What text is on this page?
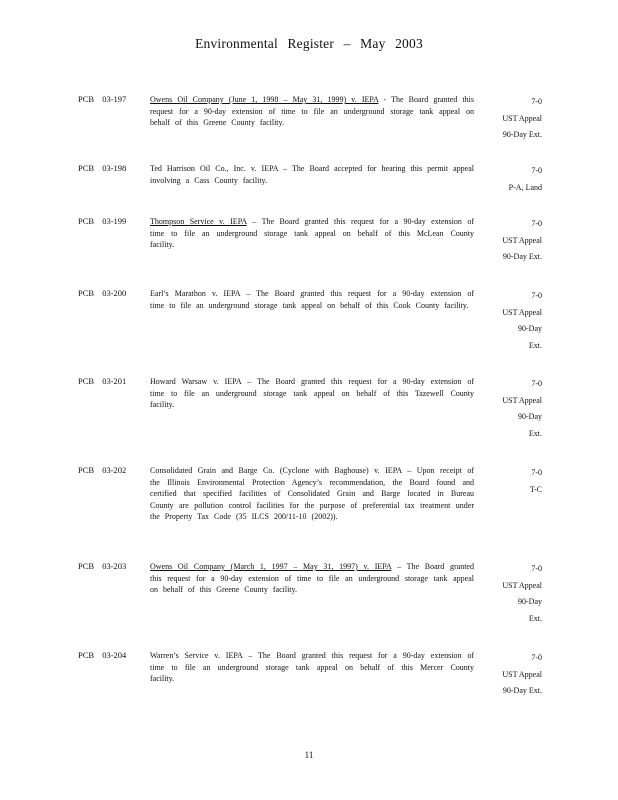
Environmental Register – May 2003
PCB 03-197	Owens Oil Company (June 1, 1998 – May 31, 1999) v. IEPA - The Board granted this request for a 90-day extension of time to file an underground storage tank appeal on behalf of this Greene County facility.
7-0
UST Appeal
90-Day Ext.
PCB 03-198	Ted Harrison Oil Co., Inc. v. IEPA – The Board accepted for hearing this permit appeal involving a Cass County facility.
7-0
P-A, Land
PCB 03-199	Thompson Service v. IEPA – The Board granted this request for a 90-day extension of time to file an underground storage tank appeal on behalf of this McLean County facility.
7-0
UST Appeal
90-Day Ext.
PCB 03-200	Earl’s Marathon v. IEPA – The Board granted this request for a 90-day extension of time to file an underground storage tank appeal on behalf of this Cook County facility.
7-0
UST Appeal
90-Day
Ext.
PCB 03-201	Howard Warsaw v. IEPA – The Board granted this request for a 90-day extension of time to file an underground storage tank appeal on behalf of this Tazewell County facility.
7-0
UST Appeal
90-Day
Ext.
PCB 03-202	Consolidated Grain and Barge Co. (Cyclone with Baghouse) v. IEPA – Upon receipt of the Illinois Environmental Protection Agency’s recommendation, the Board found and certified that specified facilities of Consolidated Grain and Barge located in Bureau County are pollution control facilities for the purpose of preferential tax treatment under the Property Tax Code (35 ILCS 200/11-10 (2002)).
7-0
T-C
PCB 03-203	Owens Oil Company (March 1, 1997 – May 31, 1997) v. IEPA – The Board granted this request for a 90-day extension of time to file an underground storage tank appeal on behalf of this Greene County facility.
7-0
UST Appeal
90-Day
Ext.
PCB 03-204	Warren’s Service v. IEPA – The Board granted this request for a 90-day extension of time to file an underground storage tank appeal on behalf of this Mercer County facility.
7-0
UST Appeal
90-Day Ext.
11
